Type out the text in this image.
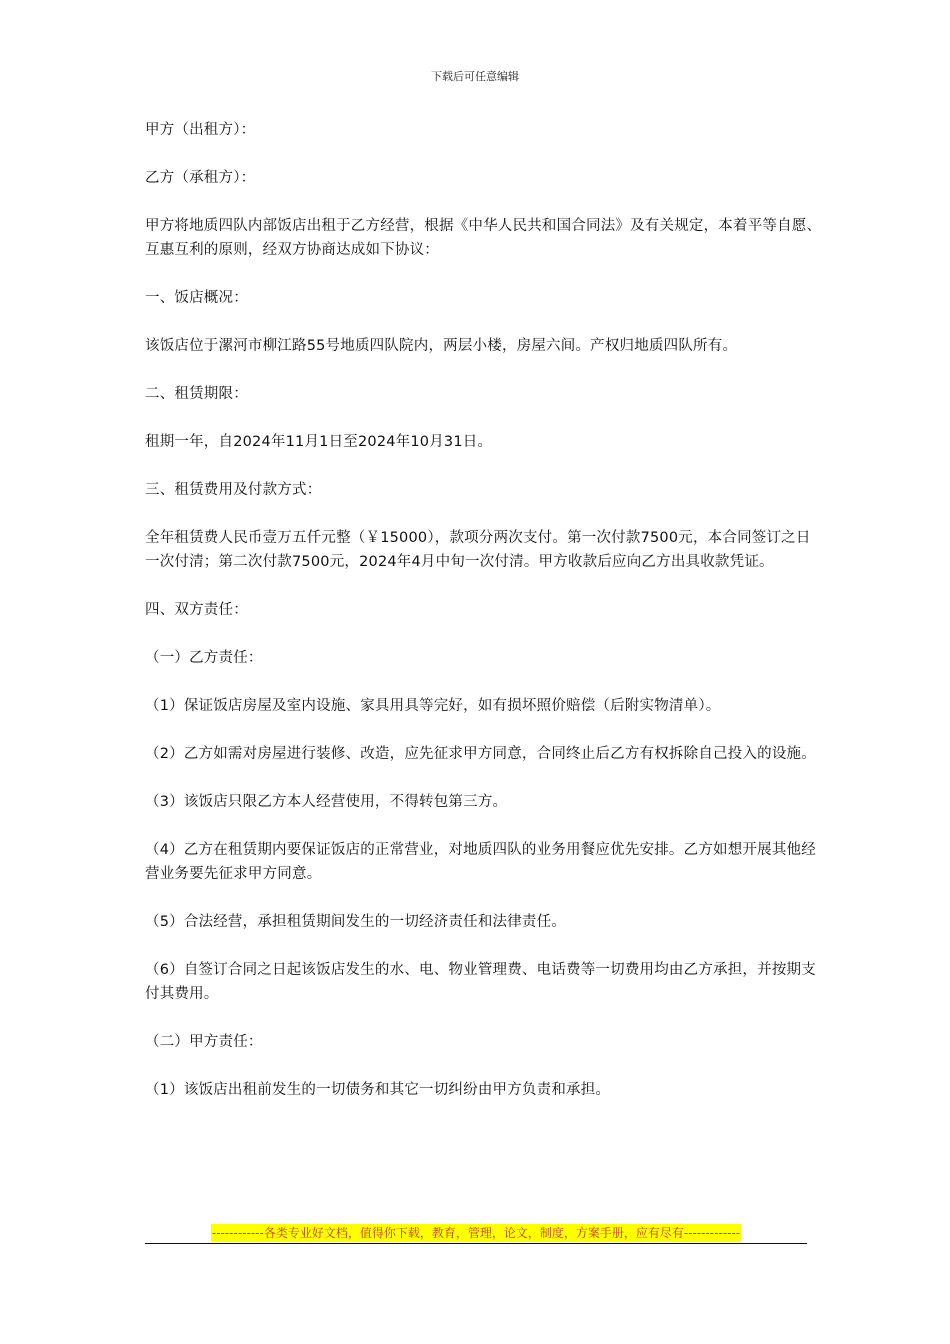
下载后可任意编辑

甲方（出租方）：

乙方（承租方）：

甲方将地质四队内部饭店出租于乙方经营，根据《中华人民共和国合同法》及有关规定，本着平等自愿、互惠互利的原则，经双方协商达成如下协议：

一、饭店概况：

该饭店位于漯河市柳江路55号地质四队院内，两层小楼，房屋六间。产权归地质四队所有。

二、租赁期限：

租期一年，自2024年11月1日至2024年10月31日。

三、租赁费用及付款方式：

全年租赁费人民币壹万五仟元整（￥15000），款项分两次支付。第一次付款7500元，本合同签订之日一次付清；第二次付款7500元，2024年4月中旬一次付清。甲方收款后应向乙方出具收款凭证。

四、双方责任：

（一）乙方责任：

（1）保证饭店房屋及室内设施、家具用具等完好，如有损坏照价赔偿（后附实物清单）。

（2）乙方如需对房屋进行装修、改造，应先征求甲方同意，合同终止后乙方有权拆除自己投入的设施。

（3）该饭店只限乙方本人经营使用，不得转包第三方。

（4）乙方在租赁期内要保证饭店的正常营业，对地质四队的业务用餐应优先安排。乙方如想开展其他经营业务要先征求甲方同意。

（5）合法经营，承担租赁期间发生的一切经济责任和法律责任。

（6）自签订合同之日起该饭店发生的水、电、物业管理费、电话费等一切费用均由乙方承担，并按期支付其费用。

（二）甲方责任：

（1）该饭店出租前发生的一切债务和其它一切纠纷由甲方负责和承担。

------------各类专业好文档，值得你下载，教育，管理，论文，制度，方案手册，应有尽有-------------
